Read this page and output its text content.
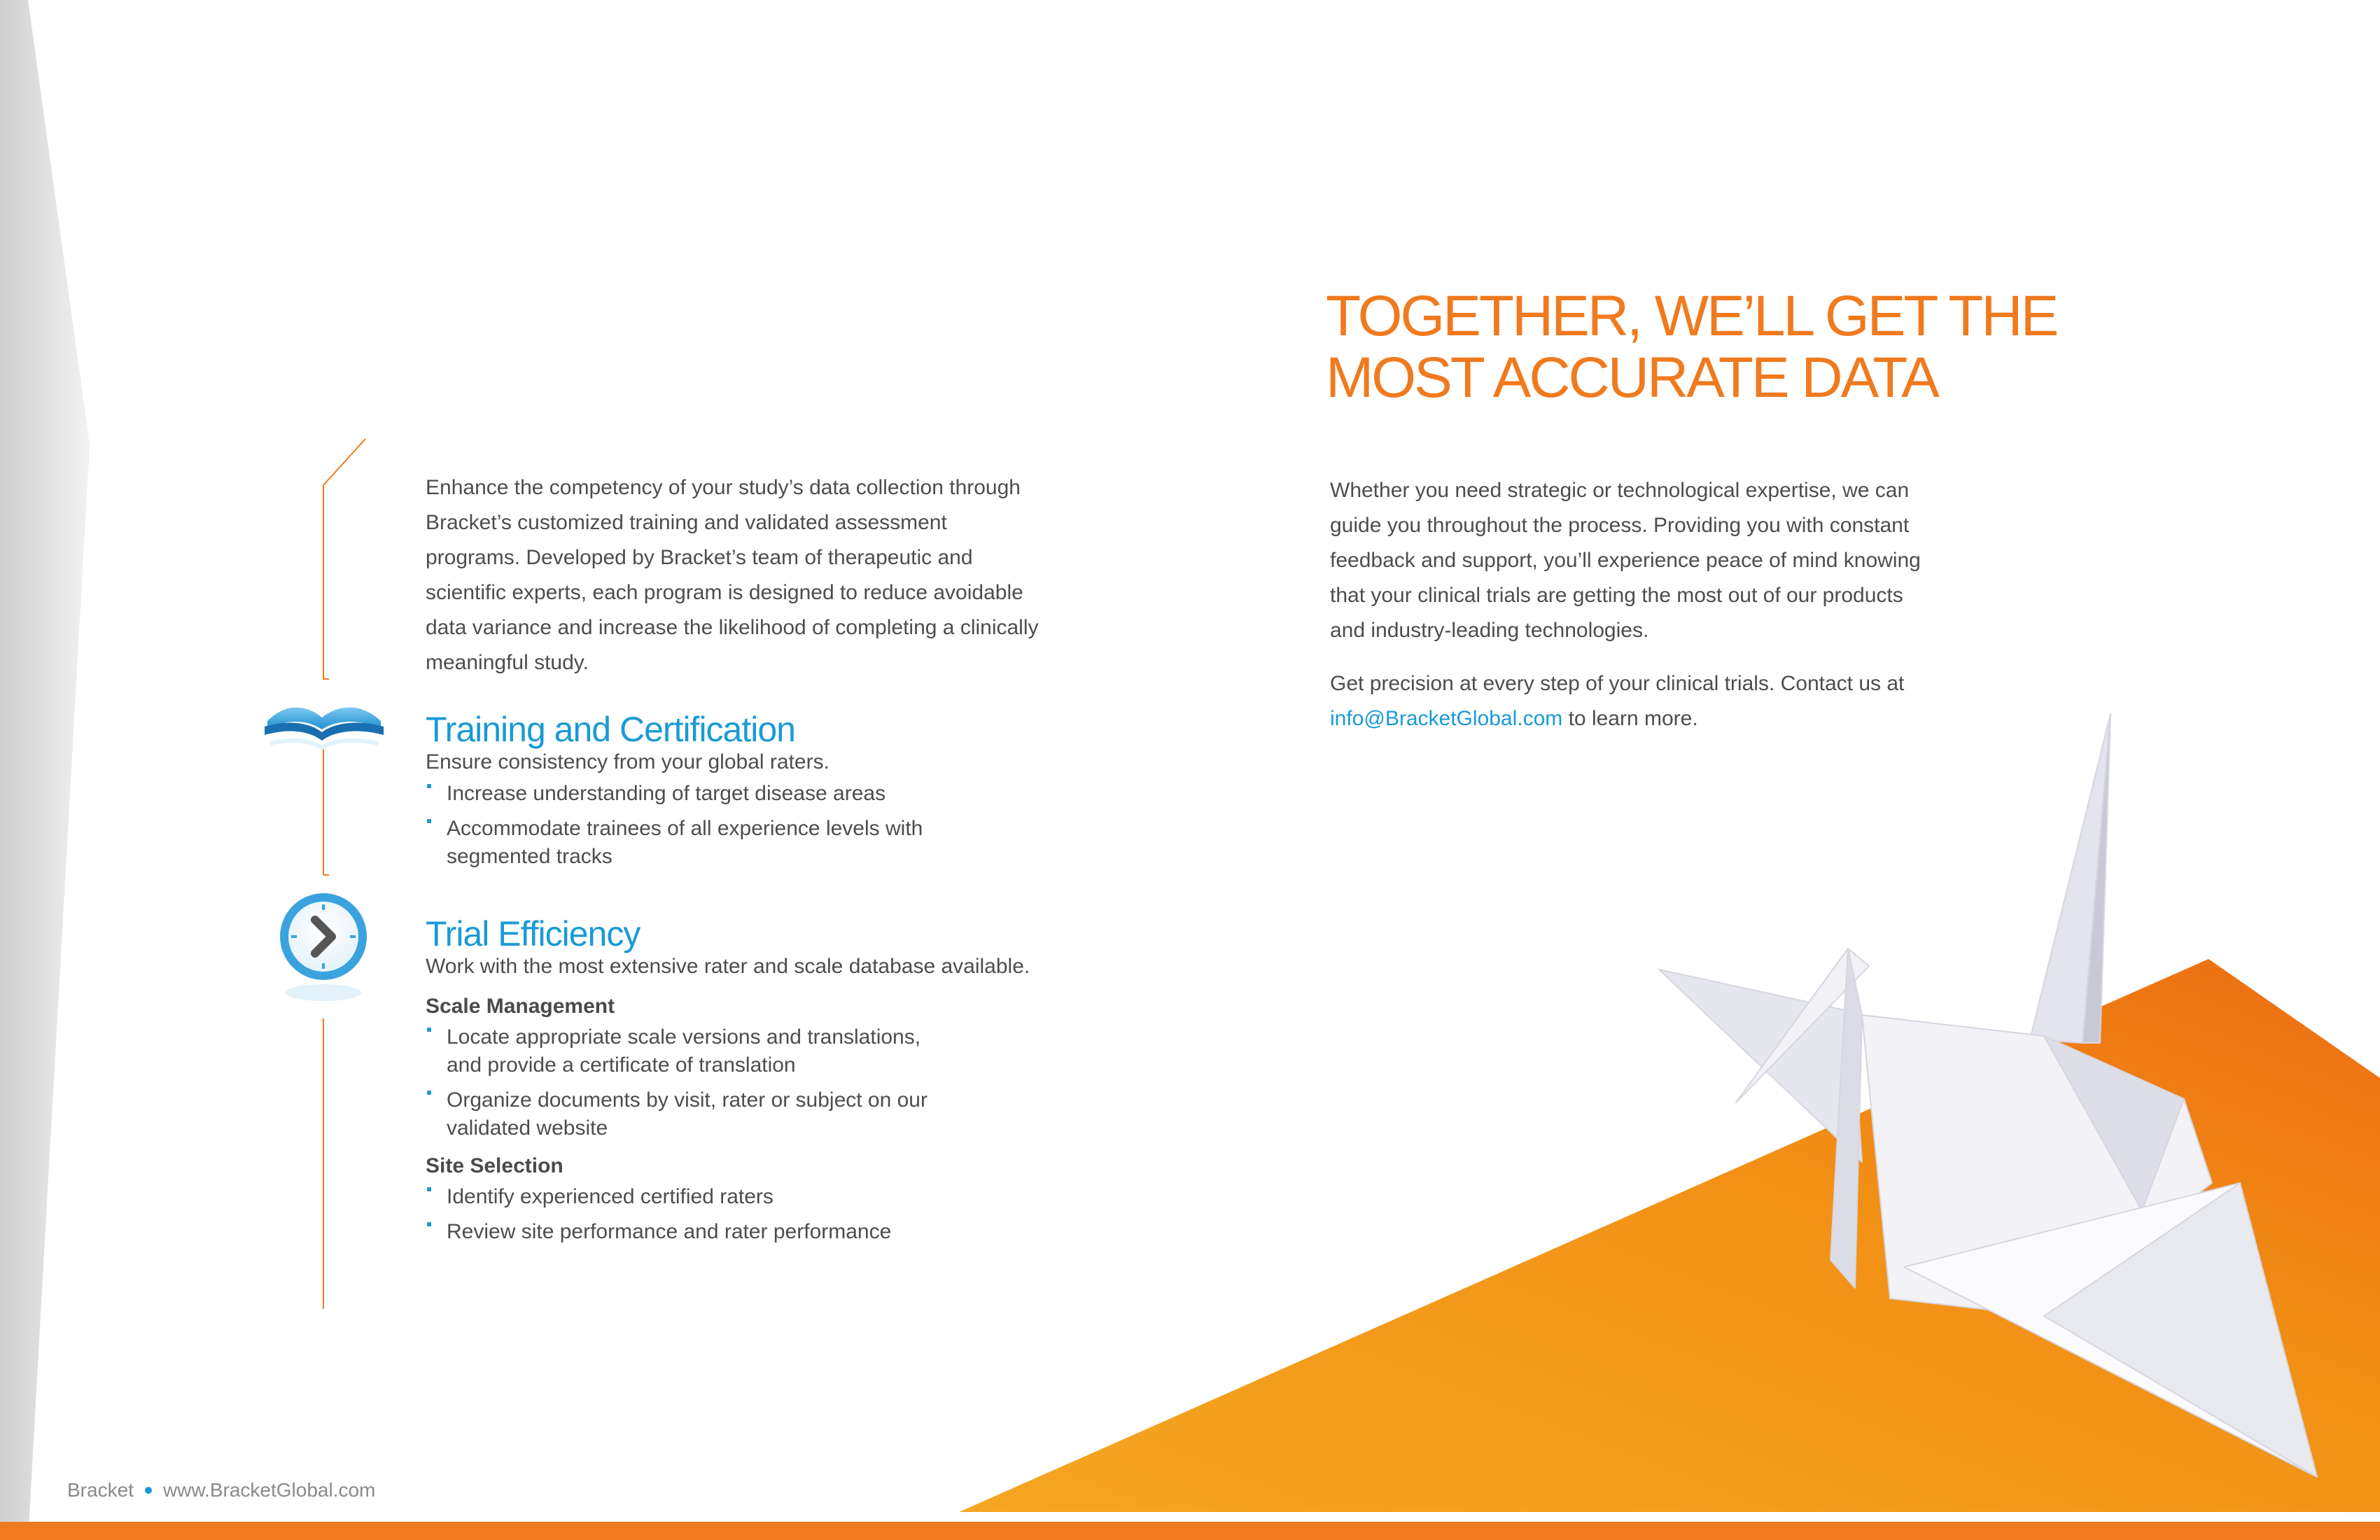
Enhance the competency of your study’s data collection through

Bracket’s customized training and validated assessment

programs. Developed by Bracket’s team of therapeutic and

scientific experts, each program is designed to reduce avoidable

data variance and increase the likelihood of completing a clinically

meaningful study.

Training and Certification

Ensure consistency from your global raters.

Increase understanding of target disease areas
Accommodate trainees of all experience levels with
segmented tracks
Trial Efficiency

Work with the most extensive rater and scale database available.

Scale Management

Locate appropriate scale versions and translations,
and provide a certificate of translation
Organize documents by visit, rater or subject on our
validated website

Site Selection

Identify experienced certified raters
Review site performance and rater performance
TOGETHER, WE’LL GET THE
MOST ACCURATE DATA

Whether you need strategic or technological expertise, we can

guide you throughout the process. Providing you with constant

feedback and support, you’ll experience peace of mind knowing

that your clinical trials are getting the most out of our products

and industry-leading technologies.

Get precision at every step of your clinical trials. Contact us at

info@BracketGlobal.com to learn more.

Bracket www.BracketGlobal.com
